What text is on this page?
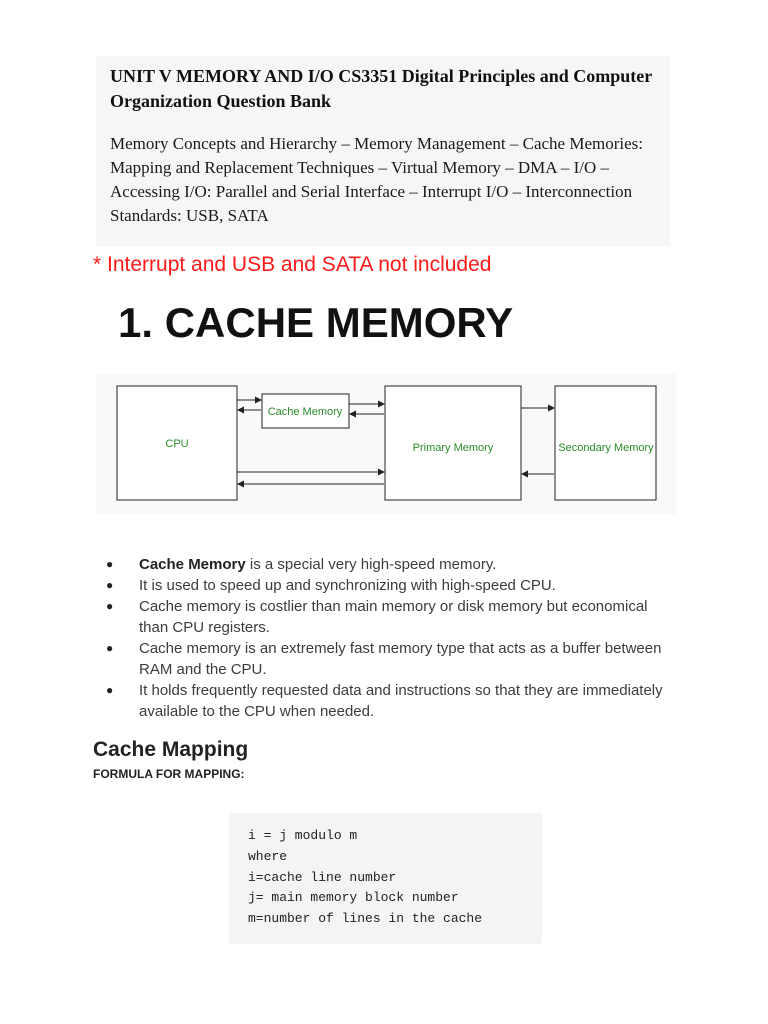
UNIT V MEMORY AND I/O CS3351 Digital Principles and Computer Organization Question Bank
Memory Concepts and Hierarchy – Memory Management – Cache Memories: Mapping and Replacement Techniques – Virtual Memory – DMA – I/O – Accessing I/O: Parallel and Serial Interface – Interrupt I/O – Interconnection Standards: USB, SATA
* Interrupt and USB and SATA not included
1. CACHE MEMORY
CPU
Cache Memory
Primary Memory	Secondary Memory
● Cache Memory is a special very high-speed memory.
● It is used to speed up and synchronizing with high-speed CPU.
● Cache memory is costlier than main memory or disk memory but economical than CPU registers.
● Cache memory is an extremely fast memory type that acts as a buffer between RAM and the CPU.
● It holds frequently requested data and instructions so that they are immediately available to the CPU when needed.
Cache Mapping
FORMULA FOR MAPPING:
i = j modulo m
where
i=cache line number
j= main memory block number
m=number of lines in the cache
